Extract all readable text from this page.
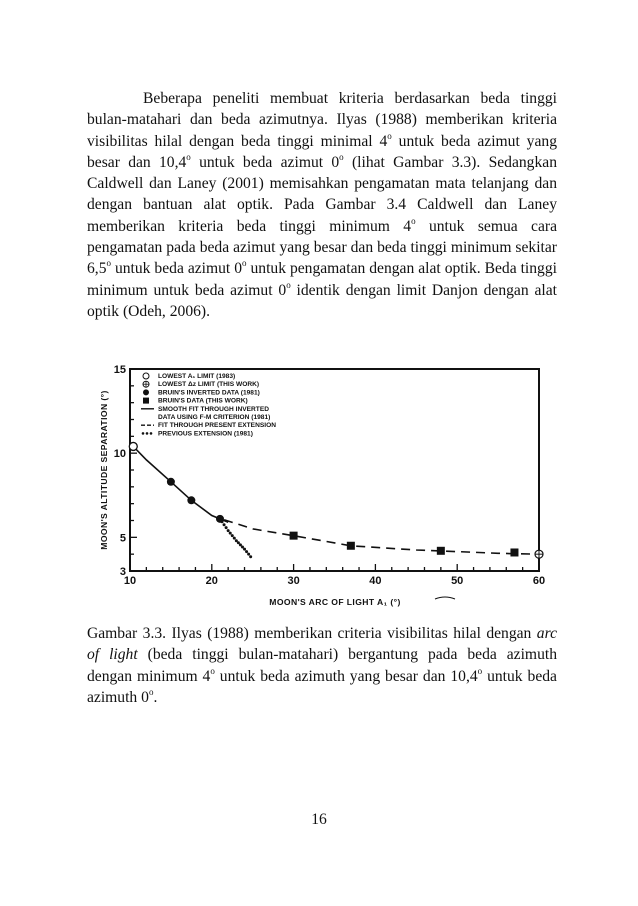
Beberapa peneliti membuat kriteria berdasarkan beda tinggi bulan-matahari dan beda azimutnya. Ilyas (1988) memberikan kriteria visibilitas hilal dengan beda tinggi minimal 4$^o$ untuk beda azimut yang besar dan 10,4$^o$ untuk beda azimut 0$^o$ (lihat Gambar 3.3). Sedangkan Caldwell dan Laney (2001) memisahkan pengamatan mata telanjang dan dengan bantuan alat optik. Pada Gambar 3.4 Caldwell dan Laney memberikan kriteria beda tinggi minimum 4$^o$ untuk semua cara pengamatan pada beda azimut yang besar dan beda tinggi minimum sekitar 6,5$^o$ untuk beda azimut 0$^o$ untuk pengamatan dengan alat optik. Beda tinggi minimum untuk beda azimut 0$^o$ identik dengan limit Danjon dengan alat optik (Odeh, 2006).

10	20	30	40	50	60
3
5
10
15
LOWEST A₁ LIMIT (1983)
LOWEST Δz LIMIT (THIS WORK)
BRUIN'S INVERTED DATA (1981)
BRUIN'S DATA (THIS WORK)
SMOOTH FIT THROUGH INVERTED
DATA USING F-M CRITERION (1981)
FIT THROUGH PRESENT EXTENSION
PREVIOUS EXTENSION (1981)
MOON'S ARC OF LIGHT A₁ (°)
MOON'S ALTITUDE SEPARATION (°)

Gambar 3.3. Ilyas (1988) memberikan criteria visibilitas hilal dengan arc of light (beda tinggi bulan-matahari) bergantung pada beda azimuth dengan minimum 4$^o$ untuk beda azimuth yang besar dan 10,4$^o$ untuk beda azimuth 0$^o$.

16
